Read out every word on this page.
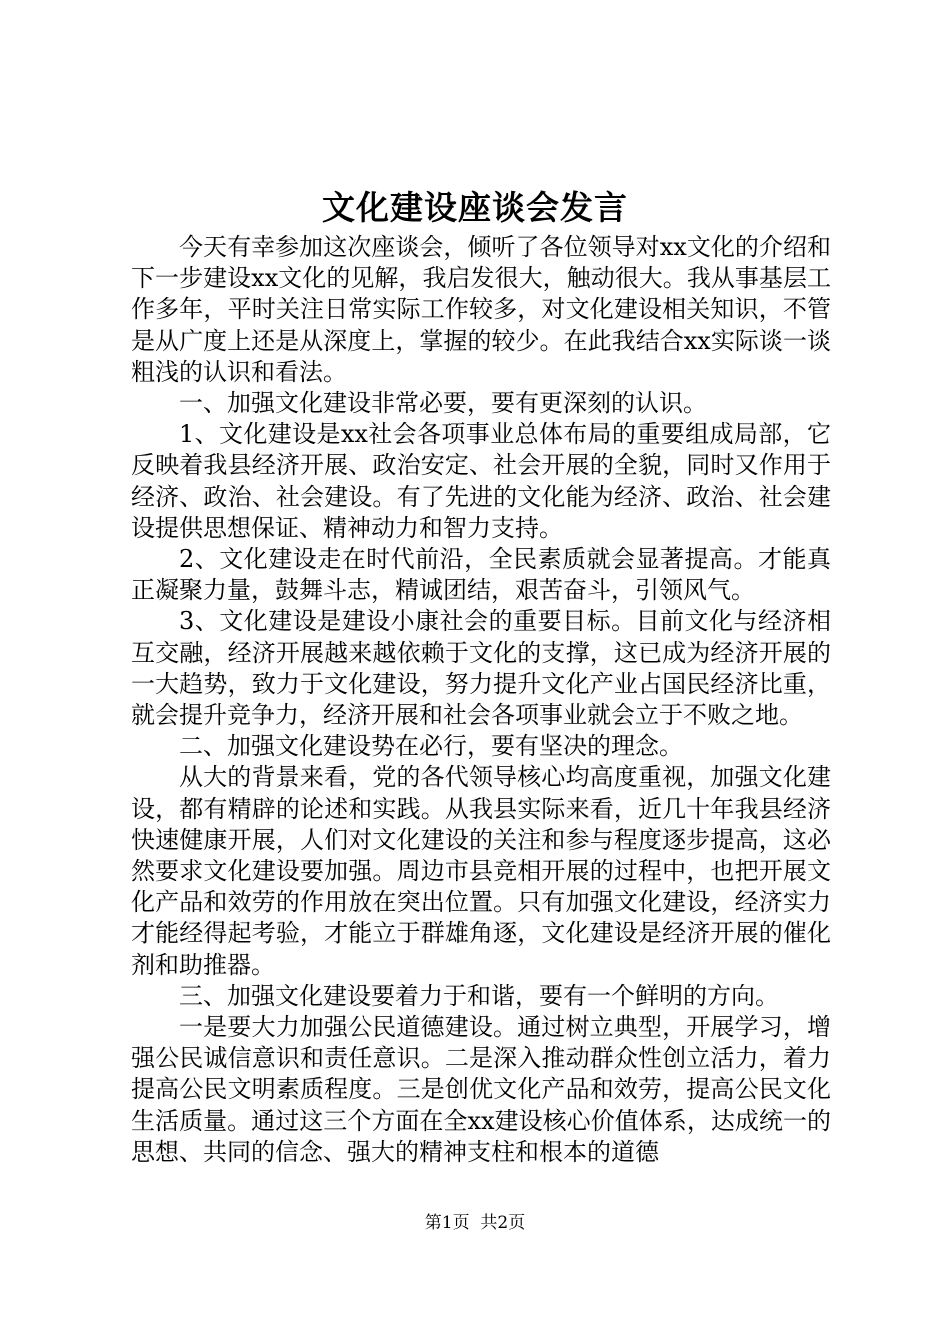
文化建设座谈会发言

今天有幸参加这次座谈会，倾听了各位领导对xx文化的介绍和下一步建设xx文化的见解，我启发很大，触动很大。我从事基层工作多年，平时关注日常实际工作较多，对文化建设相关知识，不管是从广度上还是从深度上，掌握的较少。在此我结合xx实际谈一谈粗浅的认识和看法。

一、加强文化建设非常必要，要有更深刻的认识。

1、文化建设是xx社会各项事业总体布局的重要组成局部，它反映着我县经济开展、政治安定、社会开展的全貌，同时又作用于经济、政治、社会建设。有了先进的文化能为经济、政治、社会建设提供思想保证、精神动力和智力支持。

2、文化建设走在时代前沿，全民素质就会显著提高。才能真正凝聚力量，鼓舞斗志，精诚团结，艰苦奋斗，引领风气。

3、文化建设是建设小康社会的重要目标。目前文化与经济相互交融，经济开展越来越依赖于文化的支撑，这已成为经济开展的一大趋势，致力于文化建设，努力提升文化产业占国民经济比重，就会提升竞争力，经济开展和社会各项事业就会立于不败之地。

二、加强文化建设势在必行，要有坚决的理念。

从大的背景来看，党的各代领导核心均高度重视，加强文化建设，都有精辟的论述和实践。从我县实际来看，近几十年我县经济快速健康开展，人们对文化建设的关注和参与程度逐步提高，这必然要求文化建设要加强。周边市县竞相开展的过程中，也把开展文化产品和效劳的作用放在突出位置。只有加强文化建设，经济实力才能经得起考验，才能立于群雄角逐，文化建设是经济开展的催化剂和助推器。

三、加强文化建设要着力于和谐，要有一个鲜明的方向。

一是要大力加强公民道德建设。通过树立典型，开展学习，增强公民诚信意识和责任意识。二是深入推动群众性创立活力，着力提高公民文明素质程度。三是创优文化产品和效劳，提高公民文化生活质量。通过这三个方面在全xx建设核心价值体系，达成统一的思想、共同的信念、强大的精神支柱和根本的道德

第1页  共2页
